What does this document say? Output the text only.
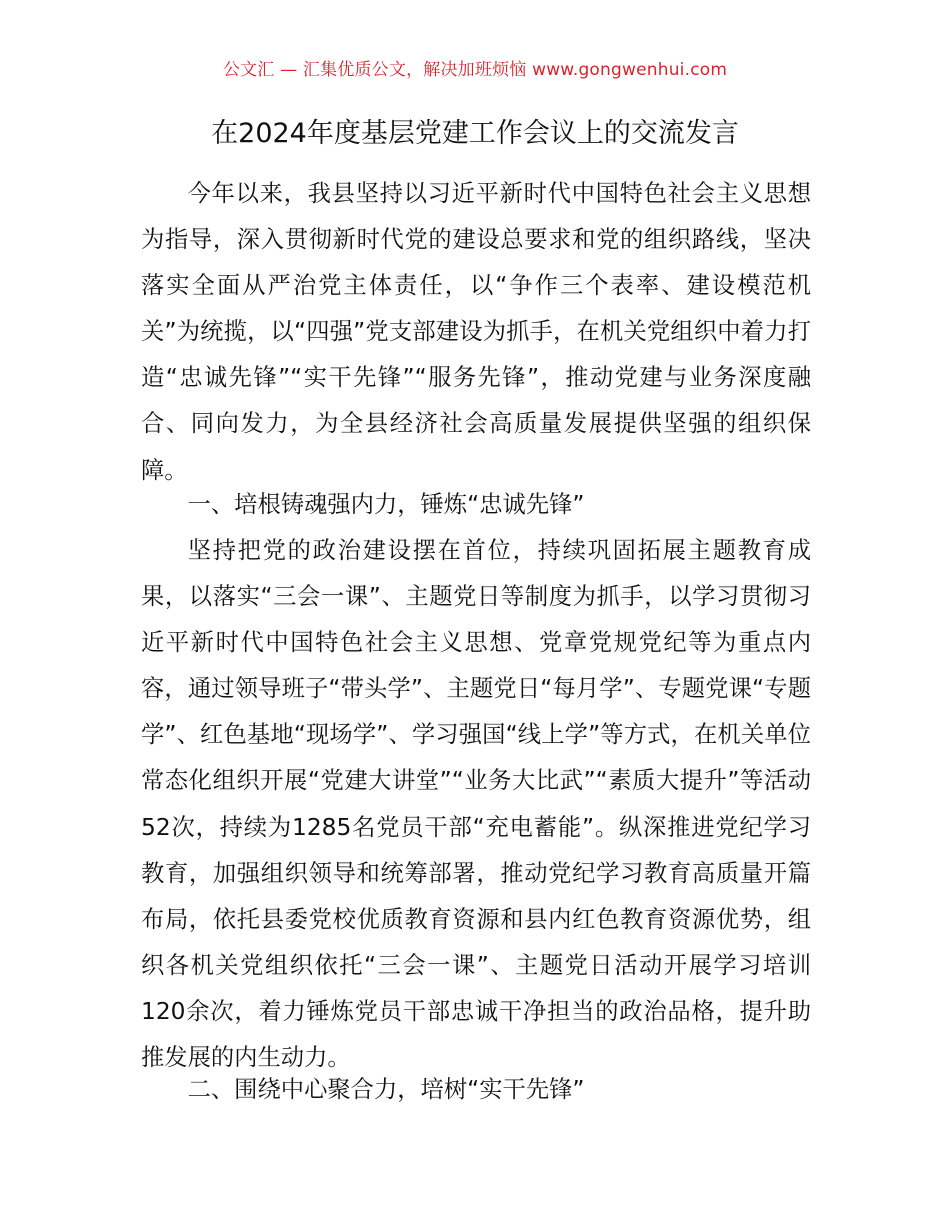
公文汇 — 汇集优质公文，解决加班烦恼 www.gongwenhui.com
在2024年度基层党建工作会议上的交流发言

今年以来，我县坚持以习近平新时代中国特色社会主义思想为指导，深入贯彻新时代党的建设总要求和党的组织路线，坚决落实全面从严治党主体责任，以“争作三个表率、建设模范机关”为统揽，以“四强”党支部建设为抓手，在机关党组织中着力打造“忠诚先锋”“实干先锋”“服务先锋”，推动党建与业务深度融合、同向发力，为全县经济社会高质量发展提供坚强的组织保障。

一、培根铸魂强内力，锤炼“忠诚先锋”

坚持把党的政治建设摆在首位，持续巩固拓展主题教育成果，以落实“三会一课”、主题党日等制度为抓手，以学习贯彻习近平新时代中国特色社会主义思想、党章党规党纪等为重点内容，通过领导班子“带头学”、主题党日“每月学”、专题党课“专题学”、红色基地“现场学”、学习强国“线上学”等方式，在机关单位常态化组织开展“党建大讲堂”“业务大比武”“素质大提升”等活动52次，持续为1285名党员干部“充电蓄能”。纵深推进党纪学习教育，加强组织领导和统筹部署，推动党纪学习教育高质量开篇布局，依托县委党校优质教育资源和县内红色教育资源优势，组织各机关党组织依托“三会一课”、主题党日活动开展学习培训120余次，着力锤炼党员干部忠诚干净担当的政治品格，提升助推发展的内生动力。

二、围绕中心聚合力，培树“实干先锋”
